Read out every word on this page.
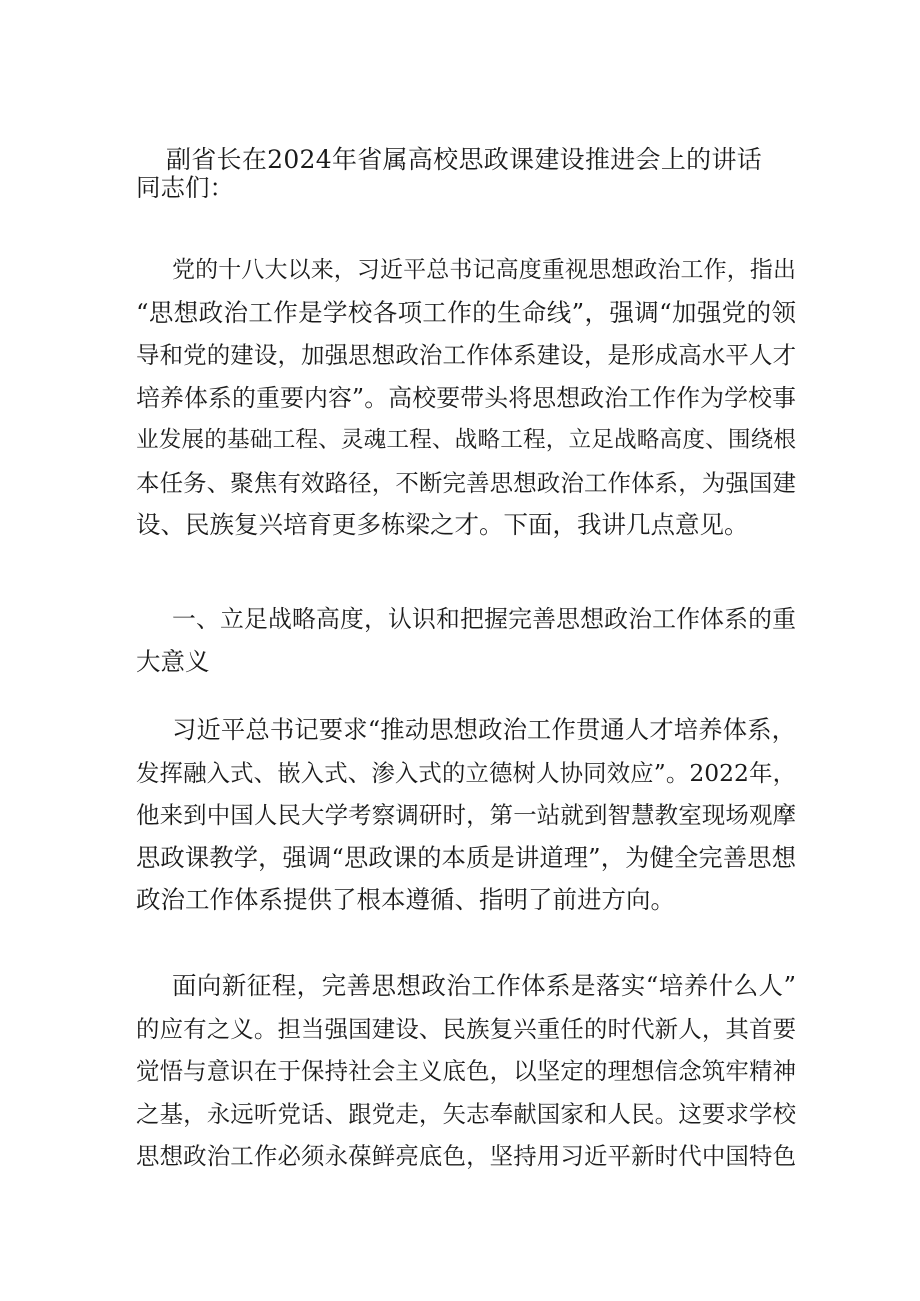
副省长在2024年省属高校思政课建设推进会上的讲话
同志们：
党的十八大以来，习近平总书记高度重视思想政治工作，指出
“思想政治工作是学校各项工作的生命线”，强调“加强党的领
导和党的建设，加强思想政治工作体系建设，是形成高水平人才
培养体系的重要内容”。高校要带头将思想政治工作作为学校事
业发展的基础工程、灵魂工程、战略工程，立足战略高度、围绕根
本任务、聚焦有效路径，不断完善思想政治工作体系，为强国建
设、民族复兴培育更多栋梁之才。下面，我讲几点意见。
一、立足战略高度，认识和把握完善思想政治工作体系的重
大意义
习近平总书记要求“推动思想政治工作贯通人才培养体系，
发挥融入式、嵌入式、渗入式的立德树人协同效应”。2022年，
他来到中国人民大学考察调研时，第一站就到智慧教室现场观摩
思政课教学，强调“思政课的本质是讲道理”，为健全完善思想
政治工作体系提供了根本遵循、指明了前进方向。
面向新征程，完善思想政治工作体系是落实“培养什么人”
的应有之义。担当强国建设、民族复兴重任的时代新人，其首要
觉悟与意识在于保持社会主义底色，以坚定的理想信念筑牢精神
之基，永远听党话、跟党走，矢志奉献国家和人民。这要求学校
思想政治工作必须永葆鲜亮底色，坚持用习近平新时代中国特色
